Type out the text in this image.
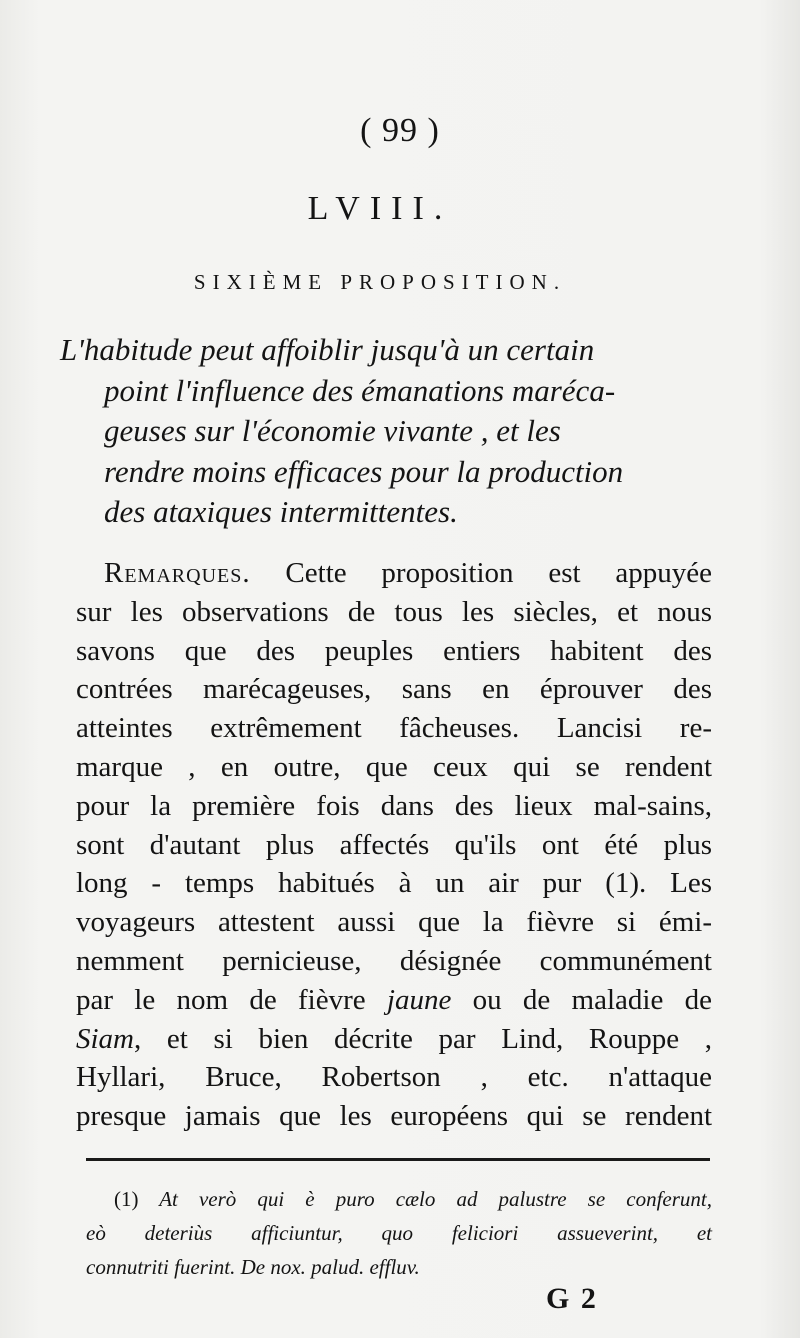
( 99 )
LVIII.
SIXIÈME PROPOSITION.
L'habitude peut affoiblir jusqu'à un certain
point l'influence des émanations maréca-
geuses sur l'économie vivante , et les
rendre moins efficaces pour la production
des ataxiques intermittentes.
Remarques. Cette proposition est appuyée
sur les observations de tous les siècles, et nous
savons que des peuples entiers habitent des
contrées marécageuses, sans en éprouver des
atteintes extrêmement fâcheuses. Lancisi re-
marque , en outre, que ceux qui se rendent
pour la première fois dans des lieux mal-sains,
sont d'autant plus affectés qu'ils ont été plus
long - temps habitués à un air pur (1). Les
voyageurs attestent aussi que la fièvre si émi-
nemment pernicieuse, désignée communément
par le nom de fièvre jaune ou de maladie de
Siam, et si bien décrite par Lind, Rouppe ,
Hyllari, Bruce, Robertson , etc. n'attaque
presque jamais que les européens qui se rendent
(1) At verò qui è puro cælo ad palustre se conferunt,
eò deteriùs afficiuntur, quo feliciori assueverint, et
connutriti fuerint. De nox. palud. effluv.
G 2
